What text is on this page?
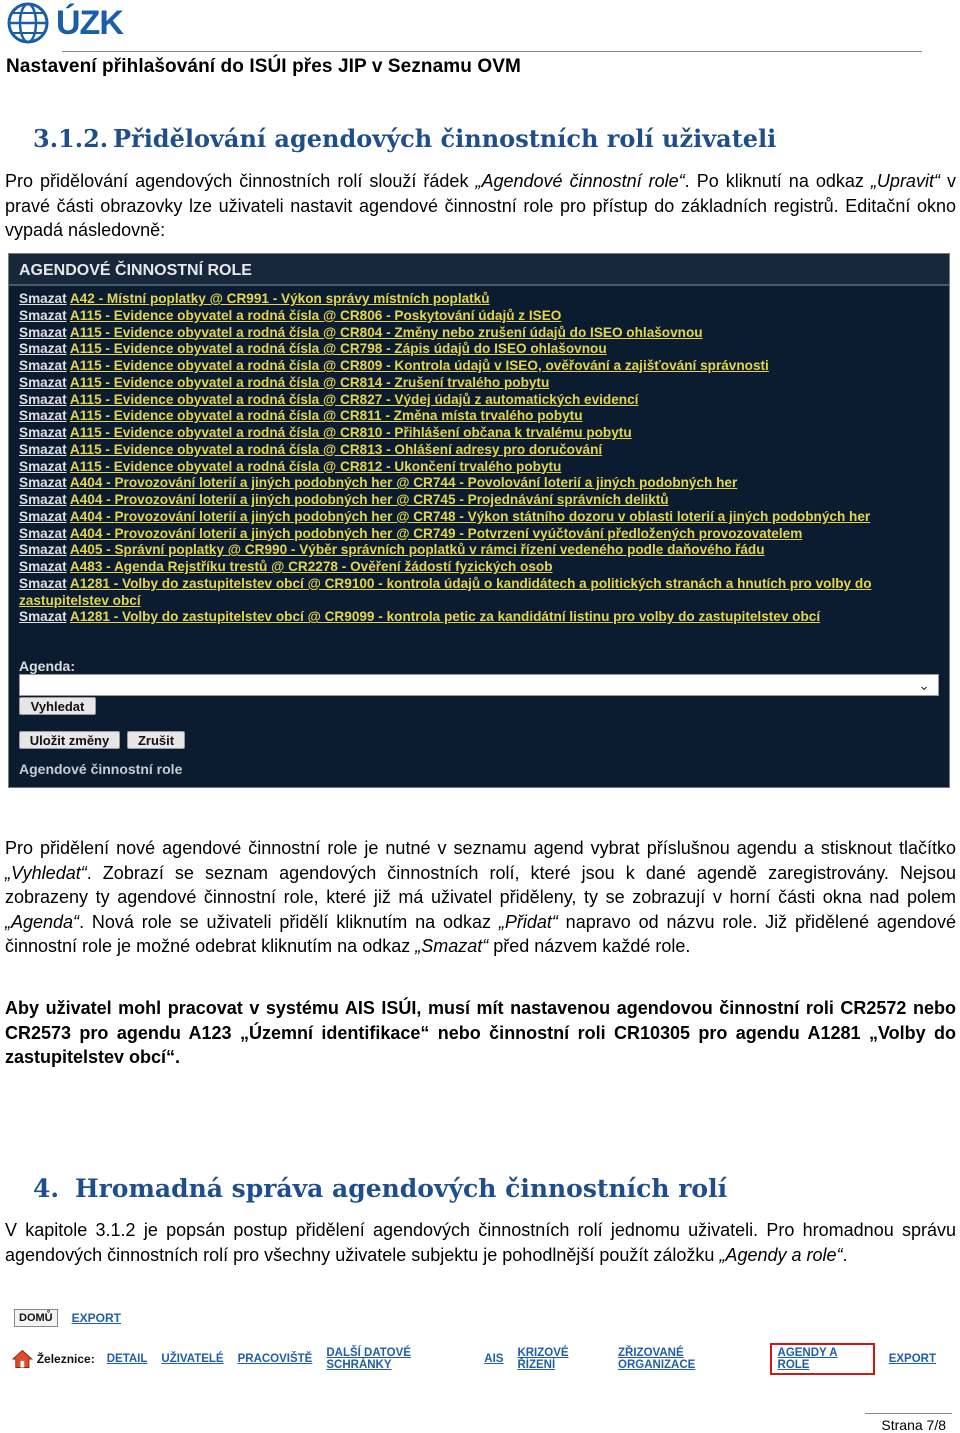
ÚZK
Nastavení přihlašování do ISÚI přes JIP v Seznamu OVM
3.1.2. Přidělování agendových činnostních rolí uživateli
Pro přidělování agendových činnostních rolí slouží řádek „Agendové činnostní role“. Po kliknutí na odkaz „Upravit“ v pravé části obrazovky lze uživateli nastavit agendové činnostní role pro přístup do základních registrů. Editační okno vypadá následovně:
AGENDOVÉ ČINNOSTNÍ ROLE
Smazat A42 - Místní poplatky @ CR991 - Výkon správy místních poplatků
Smazat A115 - Evidence obyvatel a rodná čísla @ CR806 - Poskytování údajů z ISEO
Smazat A115 - Evidence obyvatel a rodná čísla @ CR804 - Změny nebo zrušení údajů do ISEO ohlašovnou
Smazat A115 - Evidence obyvatel a rodná čísla @ CR798 - Zápis údajů do ISEO ohlašovnou
Smazat A115 - Evidence obyvatel a rodná čísla @ CR809 - Kontrola údajů v ISEO, ověřování a zajišťování správnosti
Smazat A115 - Evidence obyvatel a rodná čísla @ CR814 - Zrušení trvalého pobytu
Smazat A115 - Evidence obyvatel a rodná čísla @ CR827 - Výdej údajů z automatických evidencí
Smazat A115 - Evidence obyvatel a rodná čísla @ CR811 - Změna místa trvalého pobytu
Smazat A115 - Evidence obyvatel a rodná čísla @ CR810 - Přihlášení občana k trvalému pobytu
Smazat A115 - Evidence obyvatel a rodná čísla @ CR813 - Ohlášení adresy pro doručování
Smazat A115 - Evidence obyvatel a rodná čísla @ CR812 - Ukončení trvalého pobytu
Smazat A404 - Provozování loterií a jiných podobných her @ CR744 - Povolování loterií a jiných podobných her
Smazat A404 - Provozování loterií a jiných podobných her @ CR745 - Projednávání správních deliktů
Smazat A404 - Provozování loterií a jiných podobných her @ CR748 - Výkon státního dozoru v oblasti loterií a jiných podobných her
Smazat A404 - Provozování loterií a jiných podobných her @ CR749 - Potvrzení vyúčtování předložených provozovatelem
Smazat A405 - Správní poplatky @ CR990 - Výběr správních poplatků v rámci řízení vedeného podle daňového řádu
Smazat A483 - Agenda Rejstříku trestů @ CR2278 - Ověření žádostí fyzických osob
Smazat A1281 - Volby do zastupitelstev obcí @ CR9100 - kontrola údajů o kandidátech a politických stranách a hnutích pro volby do zastupitelstev obcí
Smazat A1281 - Volby do zastupitelstev obcí @ CR9099 - kontrola petic za kandidátní listinu pro volby do zastupitelstev obcí
Agenda:
⌄
Vyhledat
Uložit změny	Zrušit
Agendové činnostní role
Pro přidělení nové agendové činnostní role je nutné v seznamu agend vybrat příslušnou agendu a stisknout tlačítko „Vyhledat“. Zobrazí se seznam agendových činnostních rolí, které jsou k dané agendě zaregistrovány. Nejsou zobrazeny ty agendové činnostní role, které již má uživatel přiděleny, ty se zobrazují v horní části okna nad polem „Agenda“. Nová role se uživateli přidělí kliknutím na odkaz „Přidat“ napravo od názvu role. Již přidělené agendové činnostní role je možné odebrat kliknutím na odkaz „Smazat“ před názvem každé role.
Aby uživatel mohl pracovat v systému AIS ISÚI, musí mít nastavenou agendovou činnostní roli CR2572 nebo CR2573 pro agendu A123 „Územní identifikace“ nebo činnostní roli CR10305 pro agendu A1281 „Volby do zastupitelstev obcí“.
4. Hromadná správa agendových činnostních rolí
V kapitole 3.1.2 je popsán postup přidělení agendových činnostních rolí jednomu uživateli. Pro hromadnou správu agendových činnostních rolí pro všechny uživatele subjektu je pohodlnější použít záložku „Agendy a role“.
DOMŮ	EXPORT
Železnice: DETAIL UŽIVATELÉ PRACOVIŠTĚ DALŠÍ DATOVÉ SCHRÁNKY	AIS KRIZOVÉ ŘÍZENÍ
ZŘIZOVANÉ ORGANIZACE
AGENDY A ROLE	EXPORT
Strana 7/8
